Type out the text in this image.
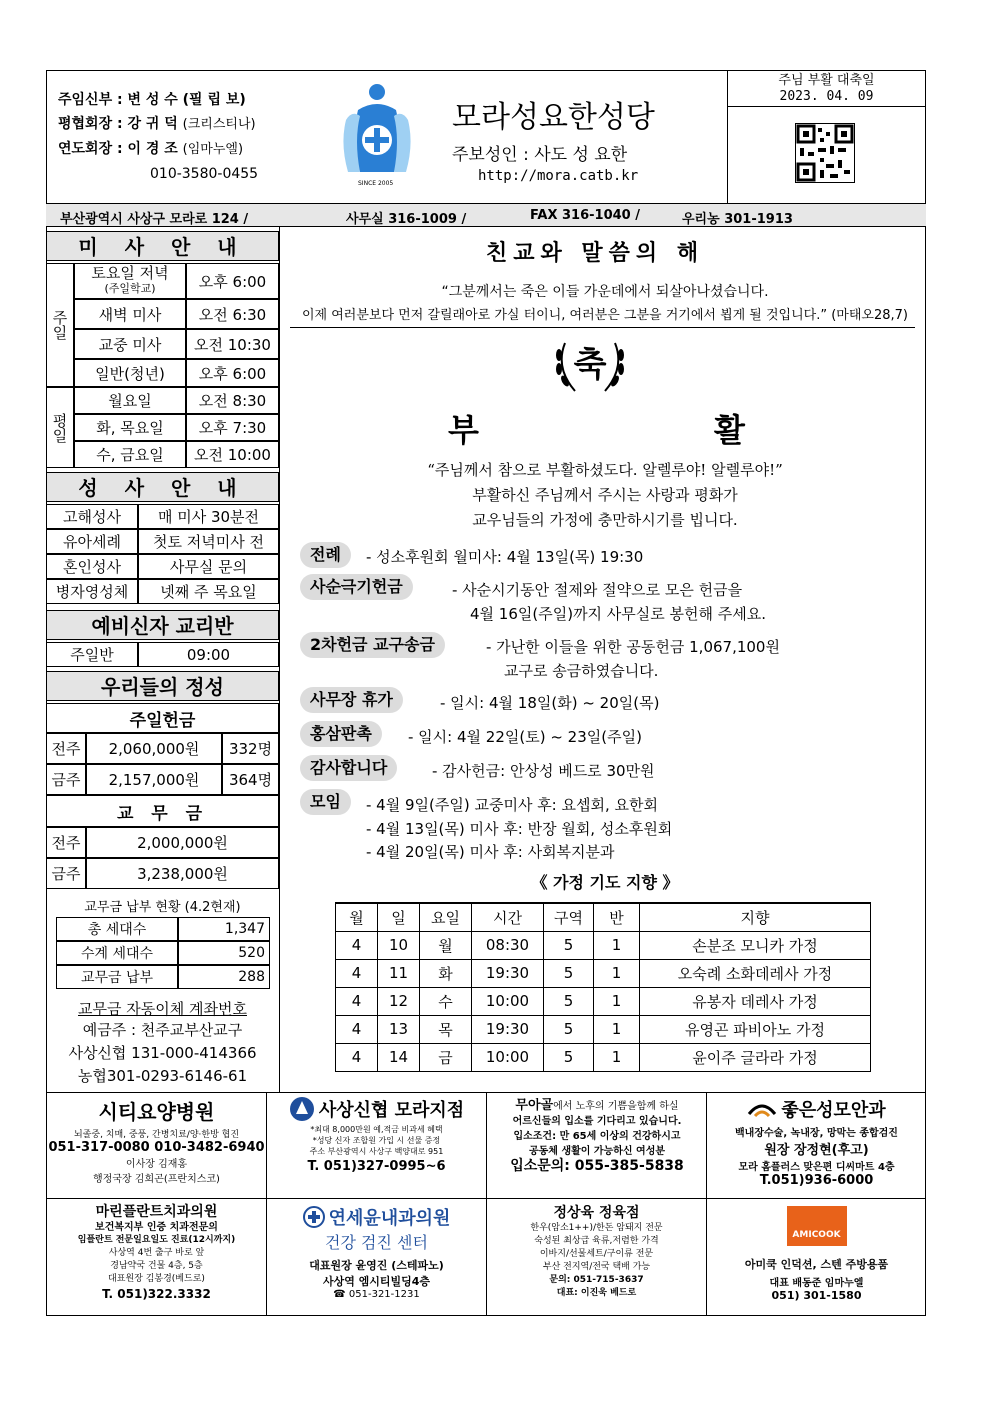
주임신부 : 변 성 수 (필 립 보)
평협회장 : 강 귀 덕 (크리스티나)
연도회장 : 이 경 조 (임마누엘)
010-3580-0455
SINCE 2005
모라성요한성당
주보성인 : 사도 성 요한
http://mora.catb.kr
주님 부활 대축일
2023. 04. 09
부산광역시 사상구 모라로 124 /	사무실 316-1009 /	FAX 316-1040 /	우리농 301-1913
미 사 안 내
주일
토요일 저녁
(주일학교)	오후 6:00
새벽 미사	오전 6:30
교중 미사	오전 10:30
일반(청년)	오후 6:00
평일
월요일	오전 8:30
화, 목요일	오후 7:30
수, 금요일	오전 10:00
성 사 안 내
고해성사	매 미사 30분전
유아세례	첫토 저녁미사 전
혼인성사	사무실 문의
병자영성체	넷째 주 목요일
예비신자 교리반
주일반	09:00
우리들의 정성
주일헌금
전주	2,060,000원	332명
금주	2,157,000원	364명
교 무 금
전주	2,000,000원
금주	3,238,000원
교무금 납부 현황 (4.2현재)
총 세대수	1,347
수계 세대수	520
교무금 납부	288
교무금 자동이체 계좌번호
예금주 : 천주교부산교구
사상신협 131-000-414366
농협301-0293-6146-61
친교와 말씀의 해
“그분께서는 죽은 이들 가운데에서 되살아나셨습니다.
이제 여러분보다 먼저 갈릴래아로 가실 터이니, 여러분은 그분을 거기에서 뵙게 될 것입니다.” (마태오28,7)
축
부	활
“주님께서 참으로 부활하셨도다. 알렐루야! 알렐루야!”
부활하신 주님께서 주시는 사랑과 평화가
교우님들의 가정에 충만하시기를 빕니다.
전례	- 성소후원회 월미사: 4월 13일(목) 19:30
사순극기헌금	- 사순시기동안 절제와 절약으로 모은 헌금을
4월 16일(주일)까지 사무실로 봉헌해 주세요.
2차헌금 교구송금	- 가난한 이들을 위한 공동헌금 1,067,100원
교구로 송금하였습니다.
사무장 휴가	- 일시: 4월 18일(화) ~ 20일(목)
홍삼판촉	- 일시: 4월 22일(토) ~ 23일(주일)
감사합니다	- 감사헌금: 안상성 베드로 30만원
모임	- 4월 9일(주일) 교중미사 후: 요셉회, 요한회
- 4월 13일(목) 미사 후: 반장 월회, 성소후원회
- 4월 20일(목) 미사 후: 사회복지분과
《 가정 기도 지향 》
월	일	요일	시간	구역	반	지향
4	10	월	08:30	5	1	손분조 모니카 가정
4	11	화	19:30	5	1	오숙례 소화데레사 가정
4	12	수	10:00	5	1	유봉자 데레사 가정
4	13	목	19:30	5	1	유영곤 파비아노 가정
4	14	금	10:00	5	1	윤이주 글라라 가정
시티요양병원
뇌졸중, 치매, 중풍, 간병치료/양·한방 협진
051-317-0080 010-3482-6940
이사장 김재홍
행정국장 김희곤(프란치스코)
사상신협 모라지점
*최대 8,000만원 예,적금 비과세 혜택
*성당 신자 조합원 가입 시 선물 증정
주소 부산광역시 사상구 백양대로 951
T. 051)327-0995~6
무아골에서 노후의 기쁨을함께 하실
어르신들의 입소를 기다리고 있습니다.
입소조건: 만 65세 이상의 건강하시고
공동체 생활이 가능하신 여성분
입소문의: 055-385-5838
좋은성모안과
백내장수술, 녹내장, 망막는 종합검진
원장 장정현(후고)
모라 홈플러스 맞은편 디씨마트 4층
T.051)936-6000
마린플란트치과의원
보건복지부 인증 치과전문의
임플란트 전문일요일도 진료(12시까지)
사상역 4번 출구 바로 앞
경남약국 건물 4층, 5층
대표원장 김봉경(베드로)
T. 051)322.3332
연세윤내과의원
건강 검진 센터
대표원장 윤영진 (스테파노)
사상역 엠시티빌딩4층
☎ 051-321-1231
정상육 정육점
한우(암소1++)/한돈 암돼지 전문
숙성된 최상급 육류,저렴한 가격
이바지/선물세트/구이류 전문
부산 전지역/전국 택배 가능
문의: 051-715-3637
대표: 이진욱 베드로
AMICOOK
아미쿡 인덕션, 스텐 주방용품
대표 배동준 임마누엘
051) 301-1580
